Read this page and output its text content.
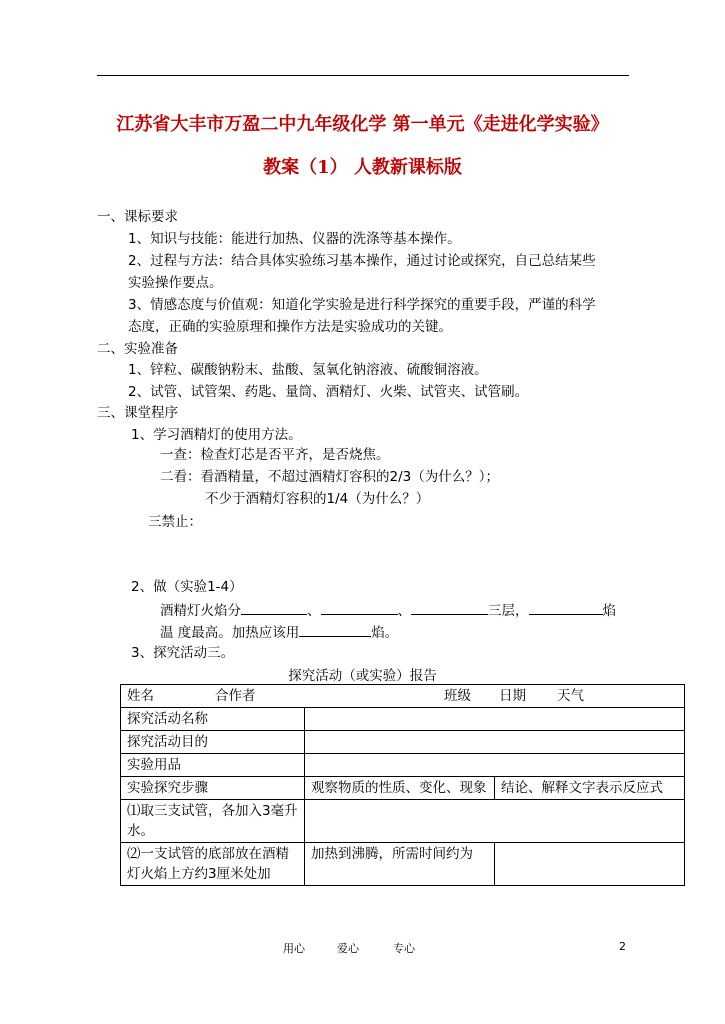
江苏省大丰市万盈二中九年级化学 第一单元《走进化学实验》
教案（1） 人教新课标版
一、课标要求
1、知识与技能：能进行加热、仪器的洗涤等基本操作。
2、过程与方法：结合具体实验练习基本操作，通过讨论或探究，自己总结某些
实验操作要点。
3、情感态度与价值观：知道化学实验是进行科学探究的重要手段，严谨的科学
态度，正确的实验原理和操作方法是实验成功的关键。
二、实验准备
1、锌粒、碳酸钠粉末、盐酸、氢氧化钠溶液、硫酸铜溶液。
2、试管、试管架、药匙、量筒、酒精灯、火柴、试管夹、试管刷。
三、课堂程序
1、学习酒精灯的使用方法。
一查：检查灯芯是否平齐，是否烧焦。
二看：看酒精量，不超过酒精灯容积的2/3（为什么？）；
不少于酒精灯容积的1/4（为什么？）
三禁止：
2、做（实验1-4）
酒精灯火焰分	、	、	三层，	焰
温 度最高。加热应该用	焰。
3、探究活动三。
探究活动（或实验）报告
姓名 合作者 班级 日期 天气		

探究活动名称		
探究活动目的		
实验用品		
实验探究步骤	观察物质的性质、变化、现象	结论、解释文字表示反应式
⑴取三支试管，各加入3毫升水。		
⑵一支试管的底部放在酒精灯火焰上方约3厘米处加	加热到沸腾，所需时间约为	
用心	爱心	专心	2
